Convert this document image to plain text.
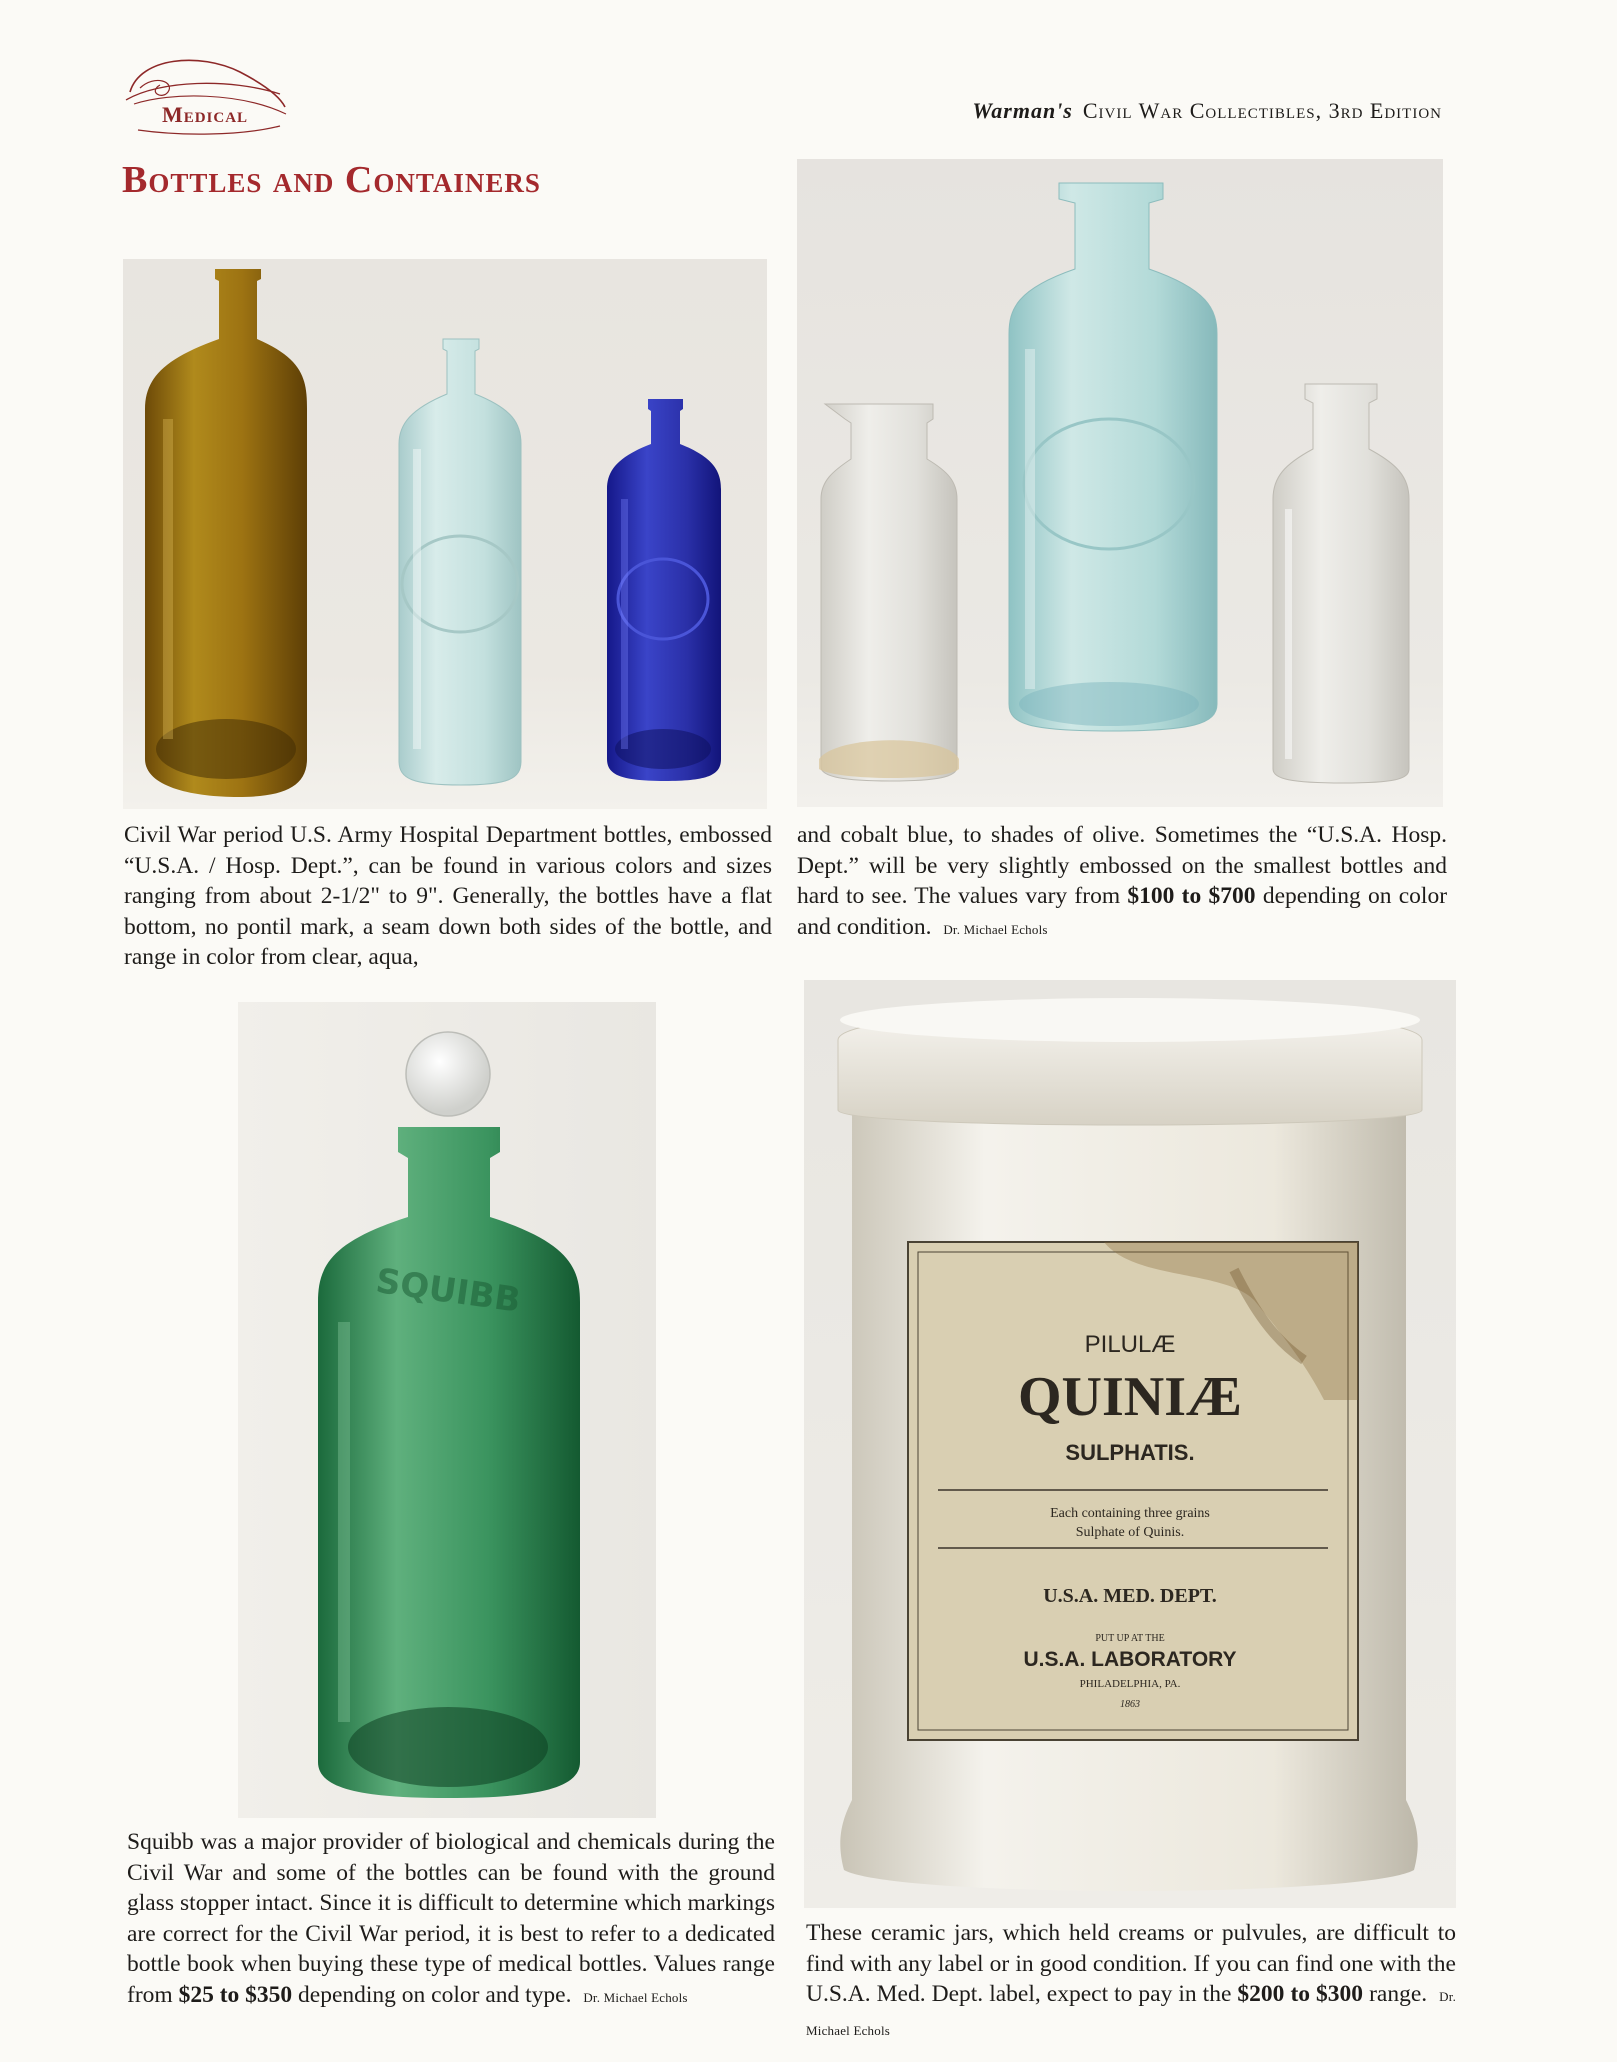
Medical	Warman's Civil War Collectibles, 3rd Edition
Bottles and Containers
Civil War period U.S. Army Hospital Department bottles, embossed “U.S.A. / Hosp. Dept.”, can be found in various colors and sizes ranging from about 2-1/2" to 9". Generally, the bottles have a flat bottom, no pontil mark, a seam down both sides of the bottle, and range in color from clear, aqua,
and cobalt blue, to shades of olive. Sometimes the “U.S.A. Hosp. Dept.” will be very slightly embossed on the smallest bottles and hard to see. The values vary from $100 to $700 depending on color and condition. Dr. Michael Echols
SQUIBB
PILULÆ
QUINIÆ
SULPHATIS.
Each containing three grains
Sulphate of Quinis.
U.S.A. MED. DEPT.
PUT UP AT THE
U.S.A. LABORATORY
PHILADELPHIA, PA.
1863
Squibb was a major provider of biological and chemicals during the Civil War and some of the bottles can be found with the ground glass stopper intact. Since it is difficult to determine which markings are correct for the Civil War period, it is best to refer to a dedicated bottle book when buying these type of medical bottles. Values range from $25 to $350 depending on color and type. Dr. Michael Echols
These ceramic jars, which held creams or pulvules, are difficult to find with any label or in good condition. If you can find one with the U.S.A. Med. Dept. label, expect to pay in the $200 to $300 range. Dr. Michael Echols
